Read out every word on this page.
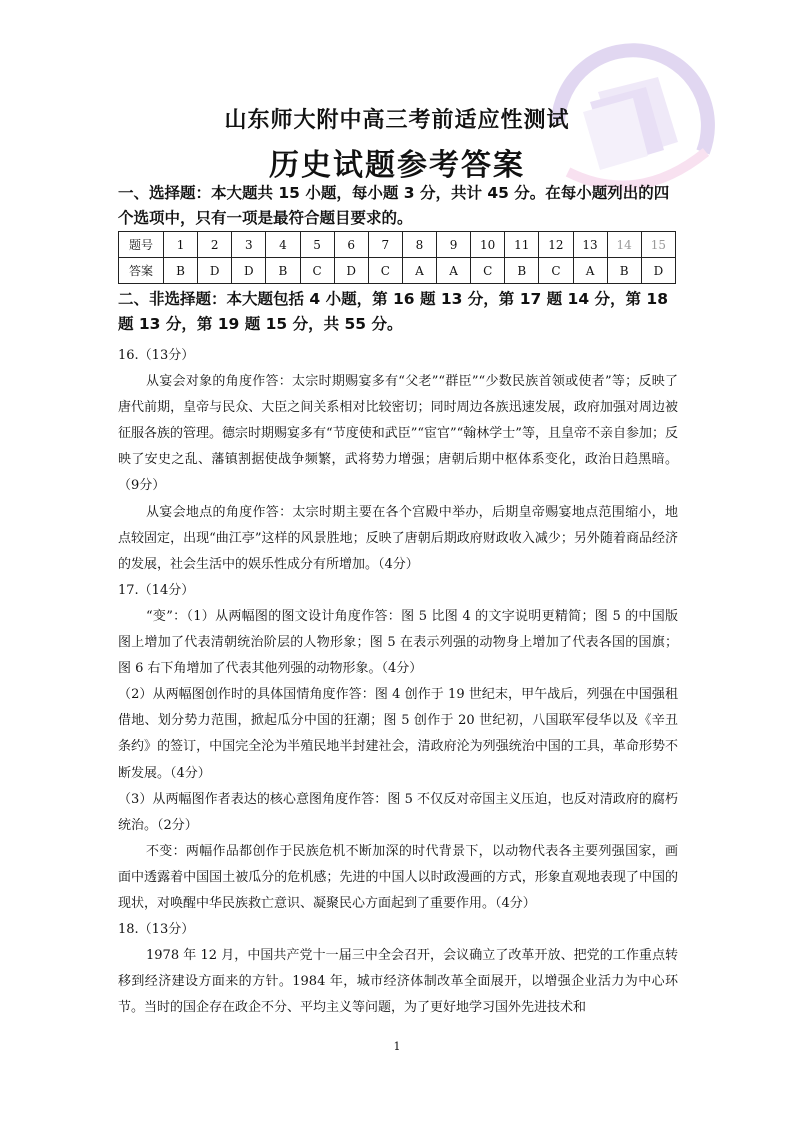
山东师大附中高三考前适应性测试
历史试题参考答案
一、选择题：本大题共 15 小题，每小题 3 分，共计 45 分。在每小题列出的四个选项中，只有一项是最符合题目要求的。
题号	1	2	3	4	5	6	7	8	9	10	11	12	13	14	15
答案	B	D	D	B	C	D	C	A	A	C	B	C	A	B	D
二、非选择题：本大题包括 4 小题，第 16 题 13 分，第 17 题 14 分，第 18 题 13 分，第 19 题 15 分，共 55 分。

16.（13分）

从宴会对象的角度作答：太宗时期赐宴多有“父老”“群臣”“少数民族首领或使者”等；反映了唐代前期，皇帝与民众、大臣之间关系相对比较密切；同时周边各族迅速发展，政府加强对周边被征服各族的管理。德宗时期赐宴多有“节度使和武臣”“宦官”“翰林学士”等，且皇帝不亲自参加；反映了安史之乱、藩镇割据使战争频繁，武将势力增强；唐朝后期中枢体系变化，政治日趋黑暗。（9分）

从宴会地点的角度作答：太宗时期主要在各个宫殿中举办，后期皇帝赐宴地点范围缩小，地点较固定，出现“曲江亭”这样的风景胜地；反映了唐朝后期政府财政收入减少；另外随着商品经济的发展，社会生活中的娱乐性成分有所增加。（4分）

17.（14分）

“变”：（1）从两幅图的图文设计角度作答：图 5 比图 4 的文字说明更精简；图 5 的中国版图上增加了代表清朝统治阶层的人物形象；图 5 在表示列强的动物身上增加了代表各国的国旗；图 6 右下角增加了代表其他列强的动物形象。（4分）

（2）从两幅图创作时的具体国情角度作答：图 4 创作于 19 世纪末，甲午战后，列强在中国强租借地、划分势力范围，掀起瓜分中国的狂潮；图 5 创作于 20 世纪初，八国联军侵华以及《辛丑条约》的签订，中国完全沦为半殖民地半封建社会，清政府沦为列强统治中国的工具，革命形势不断发展。（4分）

（3）从两幅图作者表达的核心意图角度作答：图 5 不仅反对帝国主义压迫，也反对清政府的腐朽统治。（2分）

不变：两幅作品都创作于民族危机不断加深的时代背景下，以动物代表各主要列强国家，画面中透露着中国国土被瓜分的危机感；先进的中国人以时政漫画的方式，形象直观地表现了中国的现状，对唤醒中华民族救亡意识、凝聚民心方面起到了重要作用。（4分）

18.（13分）

1978 年 12 月，中国共产党十一届三中全会召开，会议确立了改革开放、把党的工作重点转移到经济建设方面来的方针。1984 年，城市经济体制改革全面展开，以增强企业活力为中心环节。当时的国企存在政企不分、平均主义等问题，为了更好地学习国外先进技术和

1
